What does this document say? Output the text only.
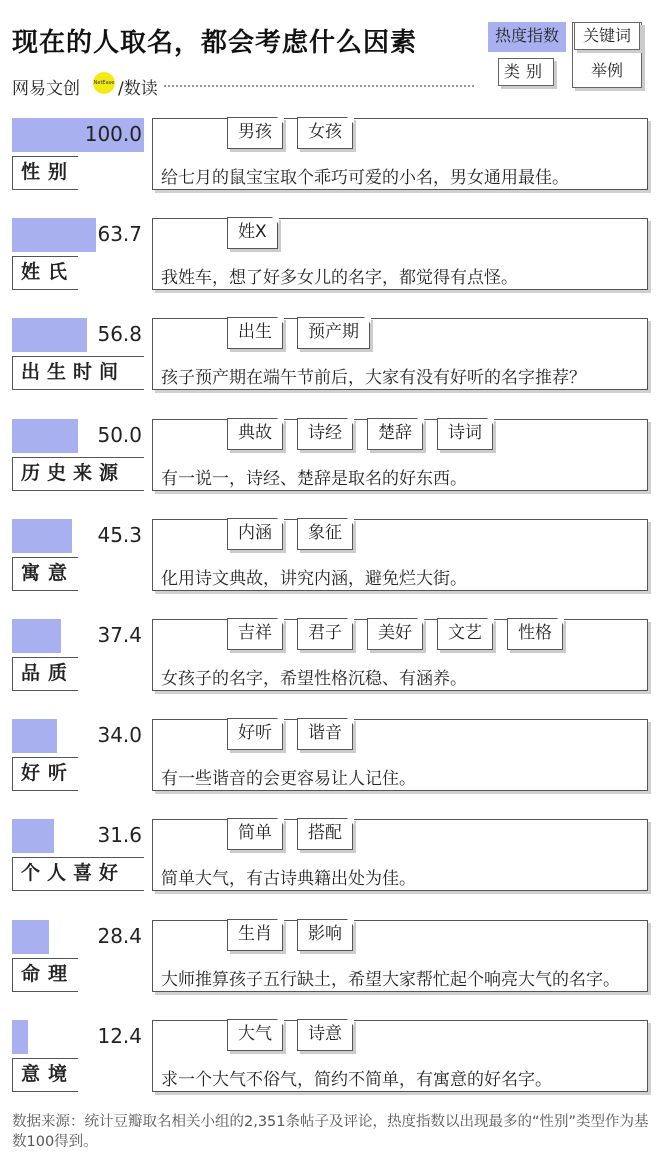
现在的人取名，都会考虑什么因素
网易文创	NetEase /数读
热度指数	关键词
类别	举例
100.0
性别
男孩	女孩
给七月的鼠宝宝取个乖巧可爱的小名，男女通用最佳。
63.7
姓氏
姓X
我姓车，想了好多女儿的名字，都觉得有点怪。
56.8
出生时间
出生	预产期
孩子预产期在端午节前后，大家有没有好听的名字推荐？
50.0
历史来源
典故	诗经	楚辞	诗词
有一说一，诗经、楚辞是取名的好东西。
45.3
寓意
内涵	象征
化用诗文典故，讲究内涵，避免烂大街。
37.4
品质
吉祥	君子	美好	文艺	性格
女孩子的名字，希望性格沉稳、有涵养。
34.0
好听
好听	谐音
有一些谐音的会更容易让人记住。
31.6
个人喜好
简单	搭配
简单大气，有古诗典籍出处为佳。
28.4
命理
生肖	影响
大师推算孩子五行缺土，希望大家帮忙起个响亮大气的名字。
12.4
意境
大气	诗意
求一个大气不俗气，简约不简单，有寓意的好名字。
数据来源：统计豆瓣取名相关小组的2,351条帖子及评论，热度指数以出现最多的“性别”类型作为基数100得到。
